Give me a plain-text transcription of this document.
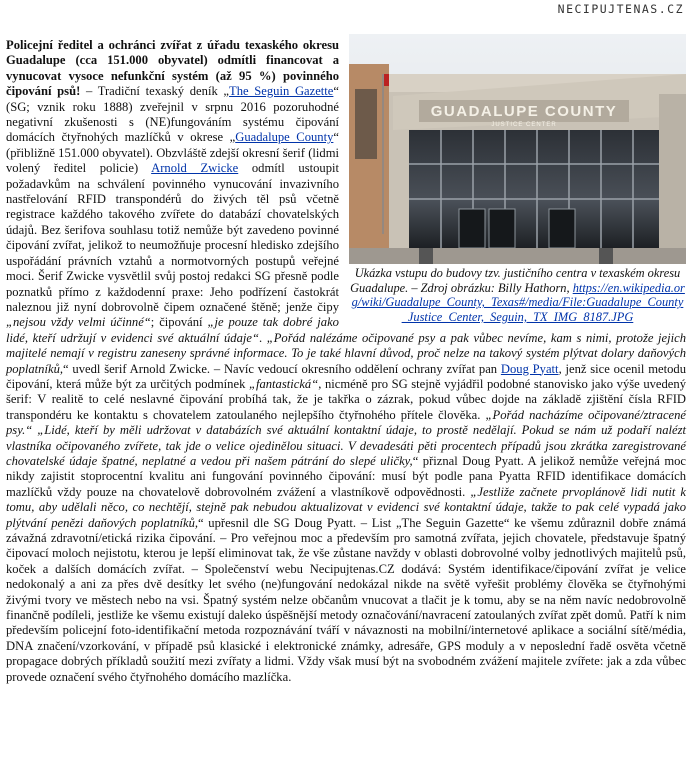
NECIPUJTENAS.CZ
GUADALUPE COUNTY
JUSTICE CENTER
Ukázka vstupu do budovy tzv. justičního centra v texaském okresu Guadalupe. – Zdroj obrázku: Billy Hathorn, https://en.wikipedia.org/wiki/Guadalupe_County,_Texas#/media/File:Guadalupe_County_Justice_Center,_Seguin,_TX_IMG_8187.JPG

Policejní ředitel a ochránci zvířat z úřadu texaského okresu Guadalupe (cca 151.000 obyvatel) odmítli financovat a vynucovat vysoce nefunkční systém (až 95 %) povinného čipování psů! – Tradiční texaský deník „The Seguin Gazette“ (SG; vznik roku 1888) zveřejnil v srpnu 2016 pozoruhodné negativní zkušenosti s (NE)fungováním systému čipování domácích čtyřnohých mazlíčků v okrese „Guadalupe County“ (přibližně 151.000 obyvatel). Obzvláště zdejší okresní šerif (lidmi volený ředitel policie) Arnold Zwicke odmítl ustoupit požadavkům na schválení povinného vynucování invazivního nastřelování RFID transpondérů do živých těl psů včetně registrace každého takového zvířete do databází chovatelských údajů. Bez šerifova souhlasu totiž nemůže být zavedeno povinné čipování zvířat, jelikož to neumožňuje procesní hledisko zdejšího uspořádání právních vztahů a normotvorných postupů veřejné moci. Šerif Zwicke vysvětlil svůj postoj redakci SG přesně podle poznatků přímo z každodenní praxe: Jeho podřízení častokrát naleznou již nyní dobrovolně čipem označené štěně; jenže čipy „nejsou vždy velmi účinné“; čipování „je pouze tak dobré jako lidé, kteří udržují v evidenci své aktuální údaje“. „Pořád nalézáme očipované psy a pak vůbec nevíme, kam s nimi, protože jejich majitelé nemají v registru zaneseny správné informace. To je také hlavní důvod, proč nelze na takový systém plýtvat dolary daňových poplatníků,“ uvedl šerif Arnold Zwicke. – Navíc vedoucí okresního oddělení ochrany zvířat pan Doug Pyatt, jenž sice ocenil metodu čipování, která může být za určitých podmínek „fantastická“, nicméně pro SG stejně vyjádřil podobné stanovisko jako výše uvedený šerif: V realitě to celé neslavné čipování probíhá tak, že je takřka o zázrak, pokud vůbec dojde na základě zjištění čísla RFID transpondéru ke kontaktu s chovatelem zatoulaného nejlepšího čtyřnohého přítele člověka. „Pořád nacházíme očipované/ztracené psy.“ „Lidé, kteří by měli udržovat v databázích své aktuální kontaktní údaje, to prostě nedělají. Pokud se nám už podaří nalézt vlastníka očipovaného zvířete, tak jde o velice ojedinělou situaci. V devadesáti pěti procentech případů jsou zkrátka zaregistrované chovatelské údaje špatné, neplatné a vedou při našem pátrání do slepé uličky,“ přiznal Doug Pyatt. A jelikož nemůže veřejná moc nikdy zajistit stoprocentní kvalitu ani fungování povinného čipování: musí být podle pana Pyatta RFID identifikace domácích mazlíčků vždy pouze na chovatelově dobrovolném zvážení a vlastníkově odpovědnosti. „Jestliže začnete prvoplánově lidi nutit k tomu, aby udělali něco, co nechtějí, stejně pak nebudou aktualizovat v evidenci své kontaktní údaje, takže to pak celé vypadá jako plýtvání penězi daňových poplatníků,“ upřesnil dle SG Doug Pyatt. – List „The Seguin Gazette“ ke všemu zdůraznil dobře známá závažná zdravotní/etická rizika čipování. – Pro veřejnou moc a především pro samotná zvířata, jejich chovatele, představuje špatný čipovací moloch nejistotu, kterou je lepší eliminovat tak, že vše zůstane navždy v oblasti dobrovolné volby jednotlivých majitelů psů, koček a dalších domácích zvířat. – Společenství webu Necipujtenas.CZ dodává: Systém identifikace/čipování zvířat je velice nedokonalý a ani za přes dvě desítky let svého (ne)fungování nedokázal nikde na světě vyřešit problémy člověka se čtyřnohými živými tvory ve městech nebo na vsi. Špatný systém nelze občanům vnucovat a tlačit je k tomu, aby se na něm navíc nedobrovolně finančně podíleli, jestliže ke všemu existují daleko úspěšnější metody označování/navracení zatoulaných zvířat zpět domů. Patří k nim především policejní foto-identifikační metoda rozpoznávání tváří v návaznosti na mobilní/internetové aplikace a sociální sítě/média, DNA značení/vzorkování, v případě psů klasické i elektronické známky, adresáře, GPS moduly a v neposlední řadě osvěta včetně propagace dobrých příkladů soužití mezi zvířaty a lidmi. Vždy však musí být na svobodném zvážení majitele zvířete: jak a zda vůbec provede označení svého čtyřnohého domácího mazlíčka.
